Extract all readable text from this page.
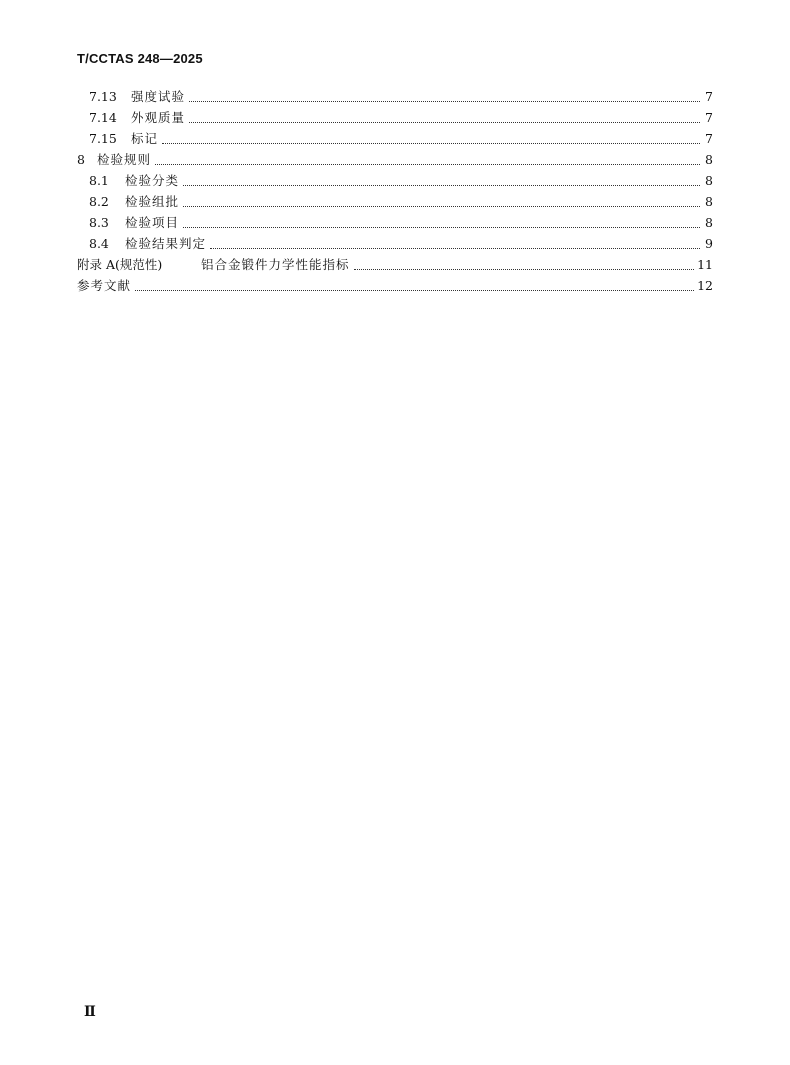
T/CCTAS 248—2025
7.13	强度试验	7
7.14	外观质量	7
7.15	标记	7
8 检验规则	8
8.1	检验分类	8
8.2	检验组批	8
8.3	检验项目	8
8.4	检验结果判定	9
附录 A(规范性)	铝合金锻件力学性能指标	11
参考文献	12
Ⅱ
